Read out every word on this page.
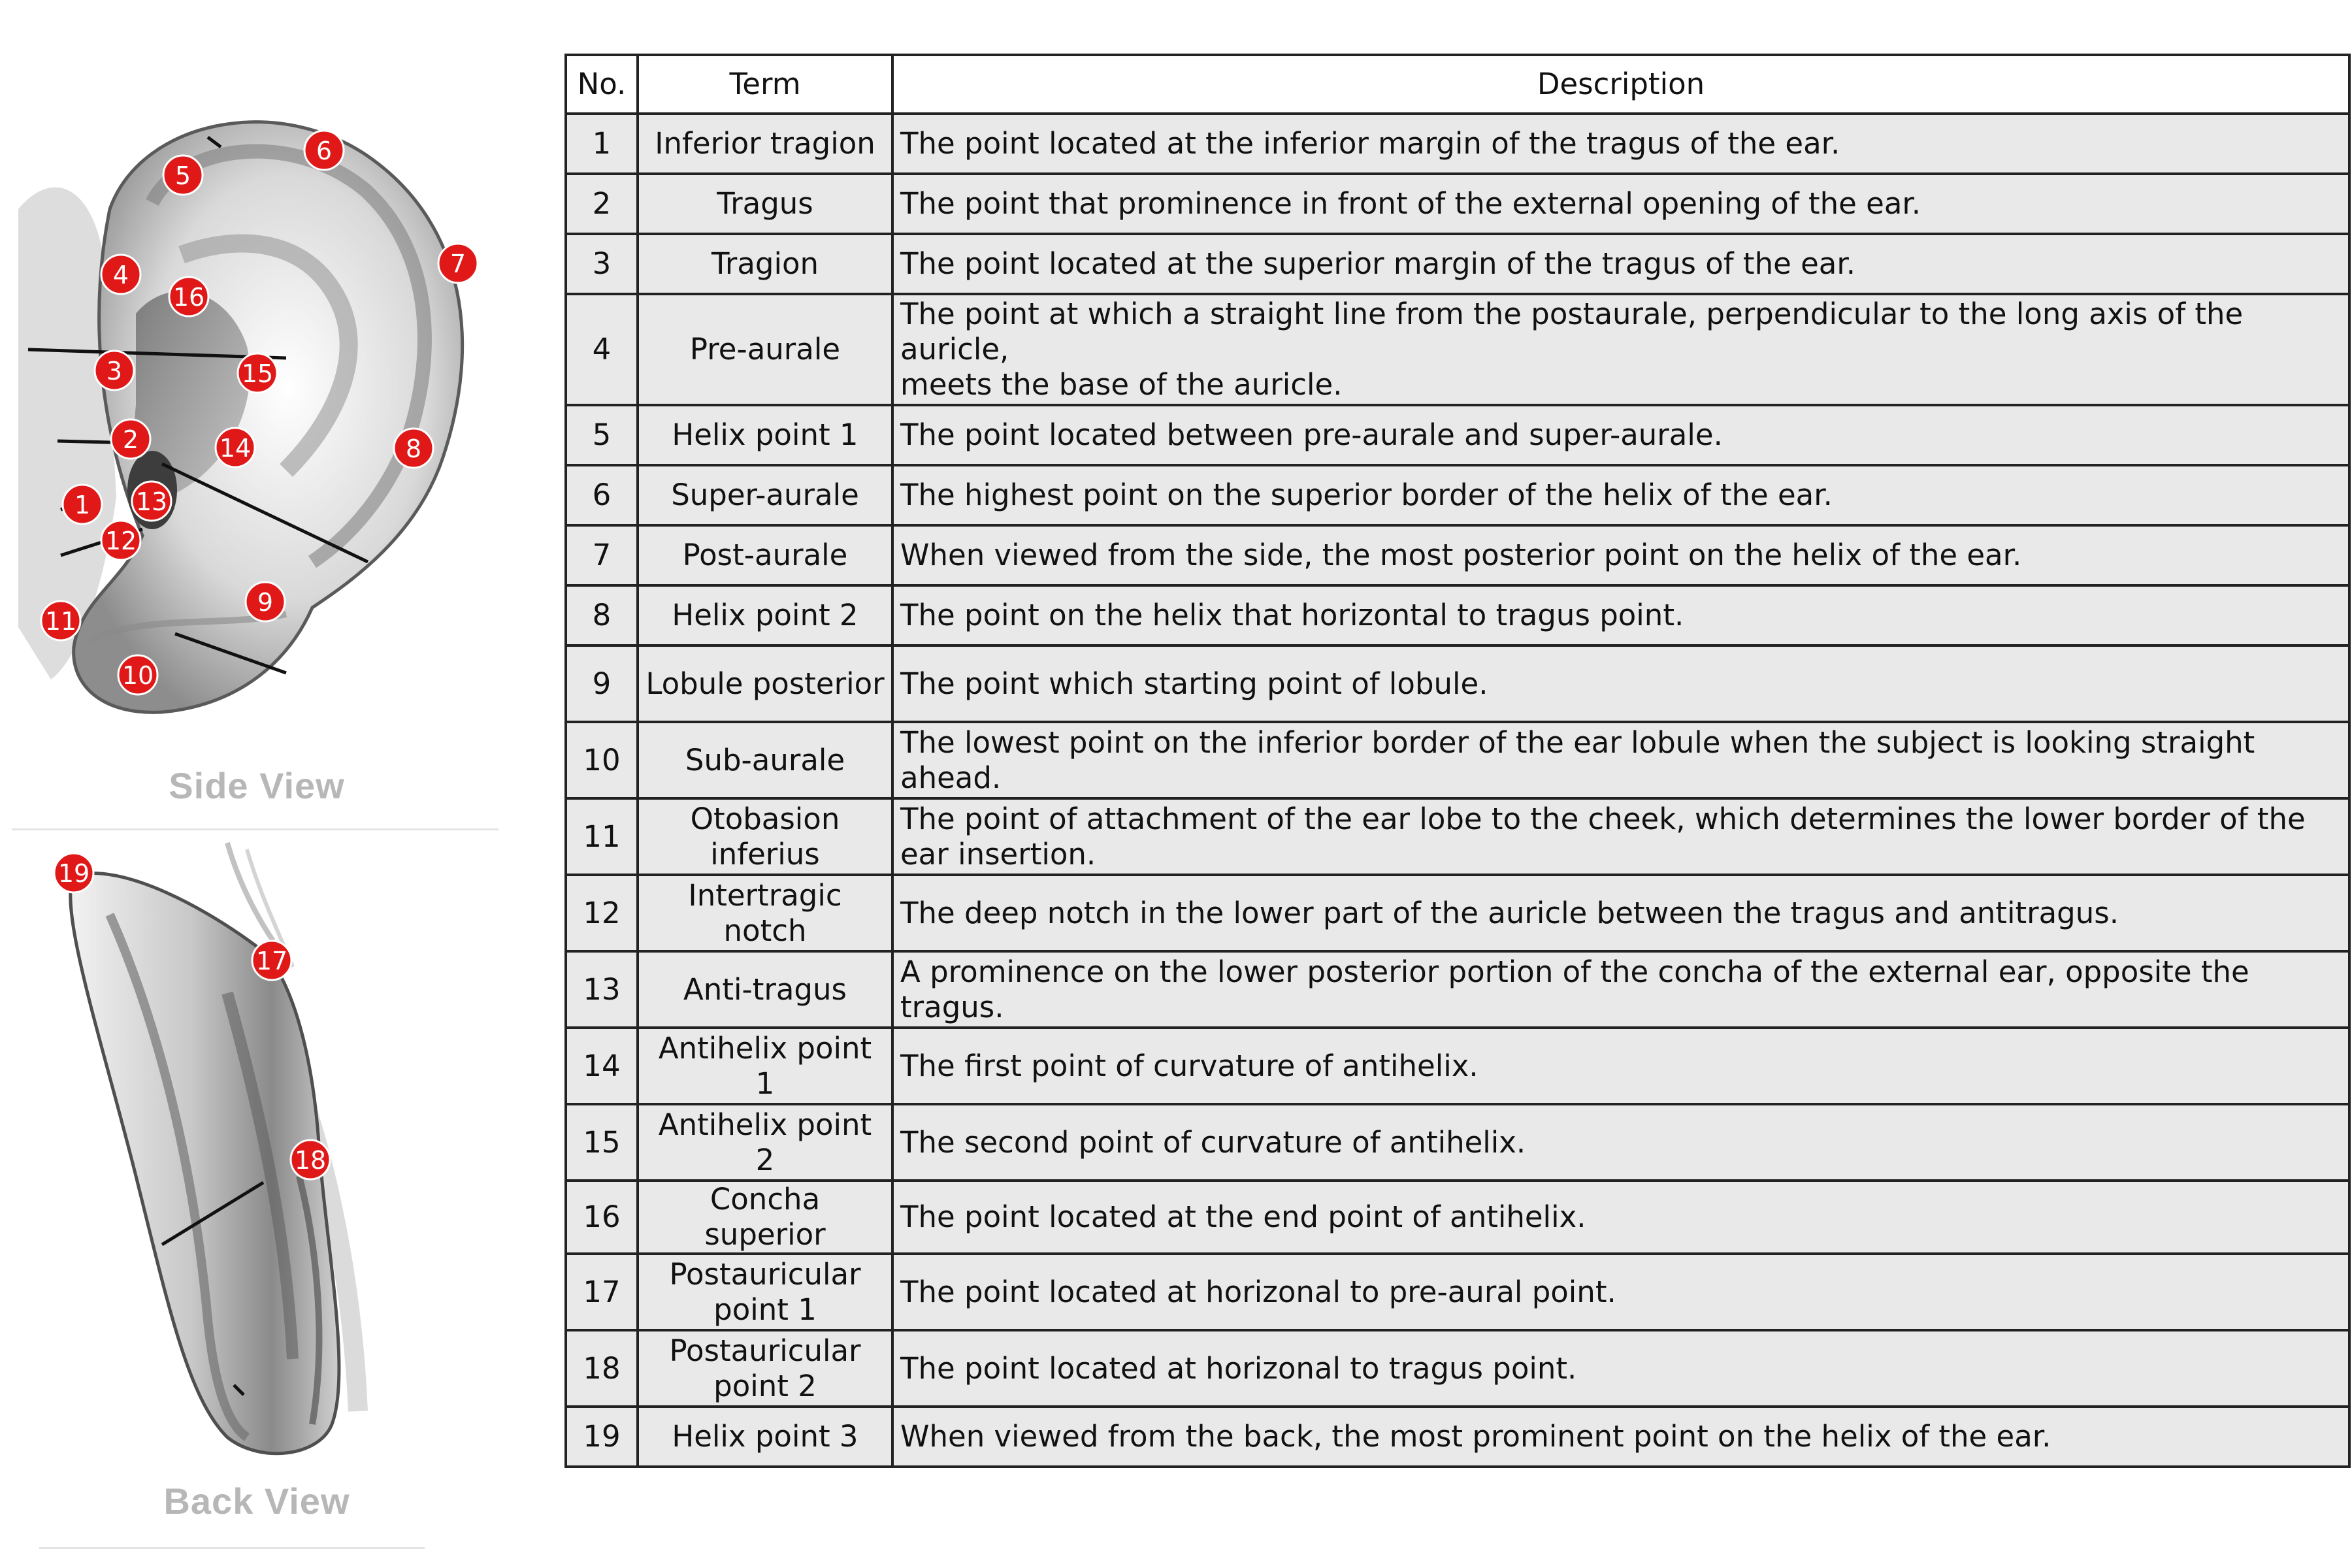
1
2
3
4
5
6
7
8
9
10
11
12
13
14
15
16
Side View
17
18
19
Back View
No.	Term	Description
1	Inferior tragion	The point located at the inferior margin of the tragus of the ear.
2	Tragus	The point that prominence in front of the external opening of the ear.
3	Tragion	The point located at the superior margin of the tragus of the ear.
4	Pre-aurale	The point at which a straight line from the postaurale, perpendicular to the long axis of the auricle,
meets the base of the auricle.
5	Helix point 1	The point located between pre-aurale and super-aurale.
6	Super-aurale	The highest point on the superior border of the helix of the ear.
7	Post-aurale	When viewed from the side, the most posterior point on the helix of the ear.
8	Helix point 2	The point on the helix that horizontal to tragus point.
9	Lobule posterior	The point which starting point of lobule.
10	Sub-aurale	The lowest point on the inferior border of the ear lobule when the subject is looking straight ahead.
11	Otobasion inferius	The point of attachment of the ear lobe to the cheek, which determines the lower border of the ear insertion.
12	Intertragic notch	The deep notch in the lower part of the auricle between the tragus and antitragus.
13	Anti-tragus	A prominence on the lower posterior portion of the concha of the external ear, opposite the tragus.
14	Antihelix point 1	The first point of curvature of antihelix.
15	Antihelix point 2	The second point of curvature of antihelix.
16	Concha superior	The point located at the end point of antihelix.
17	Postauricular point 1	The point located at horizonal to pre-aural point.
18	Postauricular point 2	The point located at horizonal to tragus point.
19	Helix point 3	When viewed from the back, the most prominent point on the helix of the ear.
